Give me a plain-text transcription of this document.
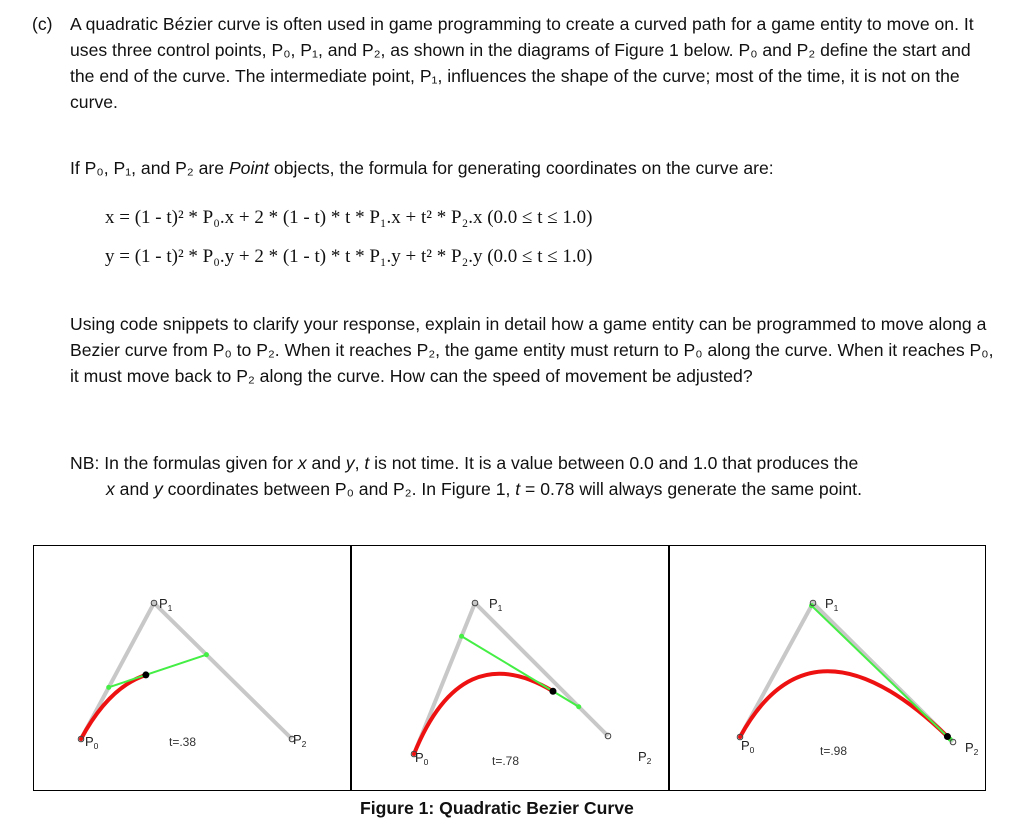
(c) A quadratic Bézier curve is often used in game programming to create a curved path for a game entity to move on. It uses three control points, P₀, P₁, and P₂, as shown in the diagrams of Figure 1 below. P₀ and P₂ define the start and the end of the curve. The intermediate point, P₁, influences the shape of the curve; most of the time, it is not on the curve.

If P₀, P₁, and P₂ are Point objects, the formula for generating coordinates on the curve are:

x = (1 - t)² * P₀.x + 2 * (1 - t) * t * P₁.x + t² * P₂.x (0.0 ≤ t ≤ 1.0)

y = (1 - t)² * P₀.y + 2 * (1 - t) * t * P₁.y + t² * P₂.y (0.0 ≤ t ≤ 1.0)

Using code snippets to clarify your response, explain in detail how a game entity can be programmed to move along a Bezier curve from P₀ to P₂. When it reaches P₂, the game entity must return to P₀ along the curve. When it reaches P₀, it must move back to P₂ along the curve. How can the speed of movement be adjusted?

NB: In the formulas given for x and y, t is not time. It is a value between 0.0 and 1.0 that produces the
x and y coordinates between P₀ and P₂. In Figure 1, t = 0.78 will always generate the same point.

$P_0$
$P_1$
$P_2$
t=.38
$P_0$
$P_1$
$P_2$
t=.78
$P_0$
$P_1$
$P_2$
t=.98

Figure 1: Quadratic Bezier Curve
